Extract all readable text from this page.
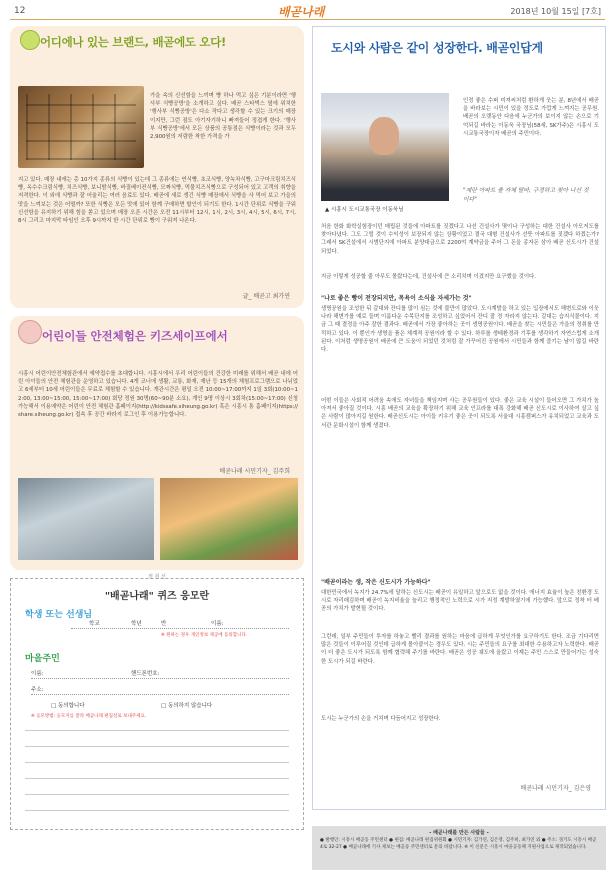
12	배곧나래	2018년 10월 15일 [7호]
어디에나 있는 브랜드, 배곧에도 오다!
가을 속의 신선함을 느끼며 빵 하나 먹고 싶은 기분이라면 '행사부 식빵공방'을 소개하고 싶다. 배곧 스타벅스 옆에 위치한 '행사부 식빵공방'은 다소 작다고 생각할 수 있는 크기의 매장이지만, 그런 점도 아기자기하니 빠져들어 정겹게 한다. '행사부 식빵공방'에서 모든 상품의 공통점은 식빵이라는 것과 모두 2,900원의 저렴한 착한 가격을 가
지고 있다. 매장 내에는 총 10가지 종류의 식빵이 있는데 그 종류에는 연식빵, 초코식빵, 양녹차식빵, 고구마크림치즈식빵, 옥수수크림식빵, 치즈식빵, 보니밤식빵, 바질베이컨식빵, 모짜식빵, 먹물치즈식빵으로 구성되어 있고 고객의 취향을 저격한다. 이 외에 식빵과 잘 어울리는 여러 음료도 있다. 배곧에 새로 생긴 식빵 매장에서 식빵을 사 먹어 보고 가을의 맛을 느껴보는 것은 어떨까? 또한 식빵은 모든 맛에 있어 함께 구매하면 할인이 되기도 한다. 1시간 단위로 식빵을 구워 신선함을 유지하기 위해 힘을 쏟고 있으며 매장 오픈 시간은 오전 11시부터 12시, 1시, 2시, 3시, 4시, 5시, 6시, 7시, 8시 그리고 마지막 타임인 오후 9시까지 한 시간 단위로 빵이 구워져 나온다.
글_ 배곧고 최가연
어린이들 안전체험은 키즈세이프에서
시흥시 어린이안전체험관에서 예약접수를 초대합니다. 시흥시에서 우리 어린이들의 건강한 미래를 위해서 배곧 내에 어린 아이들의 안전 체험관을 운영하고 있습니다. 4개 코너에 생활, 교통, 화재, 재난 등 15개의 체험프로그램으로 나뉘었고 6세부터 10세 어린이들은 무료로 체험할 수 있습니다. 개관시간은 평일 오전 10:00~17:00까지 1일 3회(10:00~12:00, 13:00~15:00, 15:00~17:00) 회당 정원 30명(60~90분 소요), 개인 9명 이상시 3회차(15:00~17:00) 신청 가능해서 이용예약은 어린이 안전 체험관 홈페이지(http://kidssafe.siheung.go.kr) 혹은 시흥시 통 홈페이지(https://share.siheung.go.kr) 접속 후 공간 바라지 로그인 후 이용가능합니다.
배곧나래 시민기자_ 김주희
절 취 선
"배곧나래" 퀴즈 응모란
학생 또는 선생님
학교	학년	반	이름:
※ 원하는 경우 개인정보 제공에 동의합니다.
마을주민
이름:	핸드폰번호:
주소:
□ 동의합니다	□ 동의하지 않습니다
※ 응모방법: 응모지를 잘라 배곧나래 편집실로 보내주세요.
도시와 사람은 같이 성장한다. 배곧인답게
▲ 시흥시 도시교통국장 이동욱님
인정 좋은 수퍼 미져씨처럼 환하게 웃는 분, 8년에서 배곧을 바라보는 시민이 있을 정도로 가깝게 느껴지는 공무원. 배곧의 오랫동안 다음에 누군가의 보이지 않는 손으로 기억되길 바라는 이동욱 국장님(58세, SK가주)은 시흥시 도시교통국장이자 배곧의 주민이다.
"계란 아파트 줄 자체 딸바, 구경하고 찾아 나선 것이다"
처음 한화 화학실험장이던 매립된 것들에 아파트를 짓겠다고 나선 건설사가 몇이나 구성하는 대한 건설사 아모저도를 찾아다녔다. 그도 그럴 것이 수익성이 보장되지 않는 상황이었고 결국 대형 건설사가 선뜻 아파트를 짓겠다 하겠는가? 그래서 SK건설에서 시범단지에 아파트 분양대금으로 2200억 계약금을 주어 그 돈을 종자돈 삼아 배곧 신도시가 건설되었다.
지금 이렇게 성공할 줄 아무도 몰랐다는데, 건설사에 큰 소리치며 이겼지만 요구했을 것이다.
"나로 좋은 빵이 전장되지만, 목욕이 소식을 자세가는 것"
생명공원을 조성한 뒤 갈대와 잔디를 많이 심는 것에 불만이 많았다. 도시계발을 하고 있는 입장에서도 해변도로와 이웃나라 해변가를 예로 들며 이룸다운 수목단지를 조성하고 싶었어서 잔디 잘 정 자라지 않는다. 갈대는 습지식물이다. 지금 그 때 결정을 아주 잘한 결과다. 배곧에서 가장 좋아하는 곳이 생명공원이다. 배곧을 찾는 시민들은 가을의 정취를 만끽하고 있다. 이 뿐인가 생명을 품은 체계적 공원이라 할 수 있다. 하루를 생태환경과 기후를 생각하기 자연스럽게 소개된다. 이처럼 생명공원이 배곧에 큰 도움이 되었던 것처럼 잘 가꾸어진 공원에서 시민들과 함께 즐기는 날이 많길 바란다.
어떤 이들은 사회적 어려움 속에도 자녀들을 책임지며 사는 공무원들이 있다. 좋은 교육 시설이 들어오면 그 가치가 높아져서 좋아질 것이다. 시흥 배곧의 교육을 확장하기 위해 교육 인프라를 대폭 강화해 배곧 신도시로 이사하여 살고 싶은 사람이 많아지길 원한다. 배곧신도시는 아이들 키우기 좋은 곳이 되도록 서울대 시흥캠퍼스가 유치되었고 교육과 도서관 문화시설이 함께 생겼다.
"배곧이라는 생, 작은 신도시가 가능하다"
대한민국에서 녹지가 24.7%에 달하는 신도시는 배곧이 유일하고 앞으로도 없을 것이다. 에너지 효율이 높은 친환경 도시로 자리매김하며 배곧이 녹지비율을 늘리고 행정적인 노력으로 시가 지정 계발하였기에 가능했다. 앞으로 정착 터 배곧의 가치가 발현될 것이다.
그런데, 일부 주민들이 투자를 하놓고 빨리 결과를 원하는 마음에 급하게 무엇인가를 요구하기도 한다. 조금 기다리면 많은 것들이 이루어질 것인데 급하게 몰아붙이는 경우도 있다. 시는 주민들의 요구를 최대한 수용하고자 노력한다. 배곧이 더 좋은 도시가 되도록 함께 협력해 주기를 바란다. 배곧은 성공 궤도에 올랐고 이제는 주민 스스로 만들어가는 성숙한 도시가 되길 바란다.
도시는 누군가의 손을 거치며 다듬어지고 성장한다.
배곧나래 시민기자_ 김은영
- 배곧나래를 만든 사람들 -
● 발행인: 시흥시 배곧동 주민센터 ● 편집: 배곧나래 편집위원회 ● 시민기자: 김가연, 김은영, 김주희, 최가연 외 ● 주소: 경기도 시흥시 배곧4로 32-27 ● 배곧나래에 기사 제보는 배곧동 주민센터로 문의 바랍니다. ※ 이 신문은 시흥시 마을공동체 지원사업으로 제작되었습니다.
